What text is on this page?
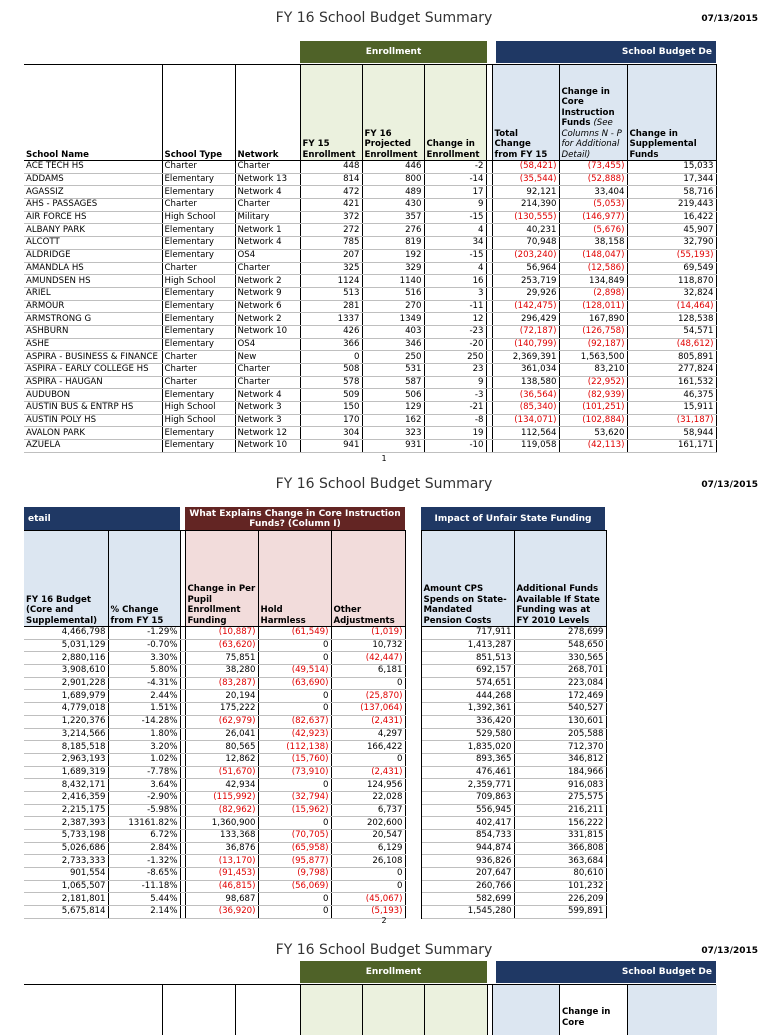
FY 16 School Budget Summary	07/13/2015
Enrollment	School Budget De
School Name	School Type	Network	FY 15 Enrollment	FY 16 Projected Enrollment	Change in Enrollment		Total Change from FY 15	Change in Core Instruction Funds (See Columns N - P for Additional Detail)	Change in Supplemental Funds
ACE TECH HS	Charter	Charter	448	446	-2		(58,421)	(73,455)	15,033
ADDAMS	Elementary	Network 13	814	800	-14		(35,544)	(52,888)	17,344
AGASSIZ	Elementary	Network 4	472	489	17		92,121	33,404	58,716
AHS - PASSAGES	Charter	Charter	421	430	9		214,390	(5,053)	219,443
AIR FORCE HS	High School	Military	372	357	-15		(130,555)	(146,977)	16,422
ALBANY PARK	Elementary	Network 1	272	276	4		40,231	(5,676)	45,907
ALCOTT	Elementary	Network 4	785	819	34		70,948	38,158	32,790
ALDRIDGE	Elementary	OS4	207	192	-15		(203,240)	(148,047)	(55,193)
AMANDLA HS	Charter	Charter	325	329	4		56,964	(12,586)	69,549
AMUNDSEN HS	High School	Network 2	1124	1140	16		253,719	134,849	118,870
ARIEL	Elementary	Network 9	513	516	3		29,926	(2,898)	32,824
ARMOUR	Elementary	Network 6	281	270	-11		(142,475)	(128,011)	(14,464)
ARMSTRONG G	Elementary	Network 2	1337	1349	12		296,429	167,890	128,538
ASHBURN	Elementary	Network 10	426	403	-23		(72,187)	(126,758)	54,571
ASHE	Elementary	OS4	366	346	-20		(140,799)	(92,187)	(48,612)
ASPIRA - BUSINESS & FINANCE	Charter	New	0	250	250		2,369,391	1,563,500	805,891
ASPIRA - EARLY COLLEGE HS	Charter	Charter	508	531	23		361,034	83,210	277,824
ASPIRA - HAUGAN	Charter	Charter	578	587	9		138,580	(22,952)	161,532
AUDUBON	Elementary	Network 4	509	506	-3		(36,564)	(82,939)	46,375
AUSTIN BUS & ENTRP HS	High School	Network 3	150	129	-21		(85,340)	(101,251)	15,911
AUSTIN POLY HS	High School	Network 3	170	162	-8		(134,071)	(102,884)	(31,187)
AVALON PARK	Elementary	Network 12	304	323	19		112,564	53,620	58,944
AZUELA	Elementary	Network 10	941	931	-10		119,058	(42,113)	161,171
1
FY 16 School Budget Summary	07/13/2015
etail	What Explains Change in Core Instruction Funds? (Column I)	Impact of Unfair State Funding
FY 16 Budget (Core and Supplemental)	% Change from FY 15		Change in Per Pupil Enrollment Funding	Hold Harmless	Other Adjustments		Amount CPS Spends on State-Mandated Pension Costs	Additional Funds Available If State Funding was at FY 2010 Levels
4,466,798	-1.29%		(10,887)	(61,549)	(1,019)		717,911	278,699
5,031,129	-0.70%		(63,620)	0	10,732		1,413,287	548,650
2,880,116	3.30%		75,851	0	(42,447)		851,513	330,565
3,908,610	5.80%		38,280	(49,514)	6,181		692,157	268,701
2,901,228	-4.31%		(83,287)	(63,690)	0		574,651	223,084
1,689,979	2.44%		20,194	0	(25,870)		444,268	172,469
4,779,018	1.51%		175,222	0	(137,064)		1,392,361	540,527
1,220,376	-14.28%		(62,979)	(82,637)	(2,431)		336,420	130,601
3,214,566	1.80%		26,041	(42,923)	4,297		529,580	205,588
8,185,518	3.20%		80,565	(112,138)	166,422		1,835,020	712,370
2,963,193	1.02%		12,862	(15,760)	0		893,365	346,812
1,689,319	-7.78%		(51,670)	(73,910)	(2,431)		476,461	184,966
8,432,171	3.64%		42,934	0	124,956		2,359,771	916,083
2,416,359	-2.90%		(115,992)	(32,794)	22,028		709,863	275,575
2,215,175	-5.98%		(82,962)	(15,962)	6,737		556,945	216,211
2,387,393	13161.82%		1,360,900	0	202,600		402,417	156,222
5,733,198	6.72%		133,368	(70,705)	20,547		854,733	331,815
5,026,686	2.84%		36,876	(65,958)	6,129		944,874	366,808
2,733,333	-1.32%		(13,170)	(95,877)	26,108		936,826	363,684
901,554	-8.65%		(91,453)	(9,798)	0		207,647	80,610
1,065,507	-11.18%		(46,815)	(56,069)	0		260,766	101,232
2,181,801	5.44%		98,687	0	(45,067)		582,699	226,209
5,675,814	2.14%		(36,920)	0	(5,193)		1,545,280	599,891
2
FY 16 School Budget Summary	07/13/2015
Enrollment	School Budget De
Change in Core
